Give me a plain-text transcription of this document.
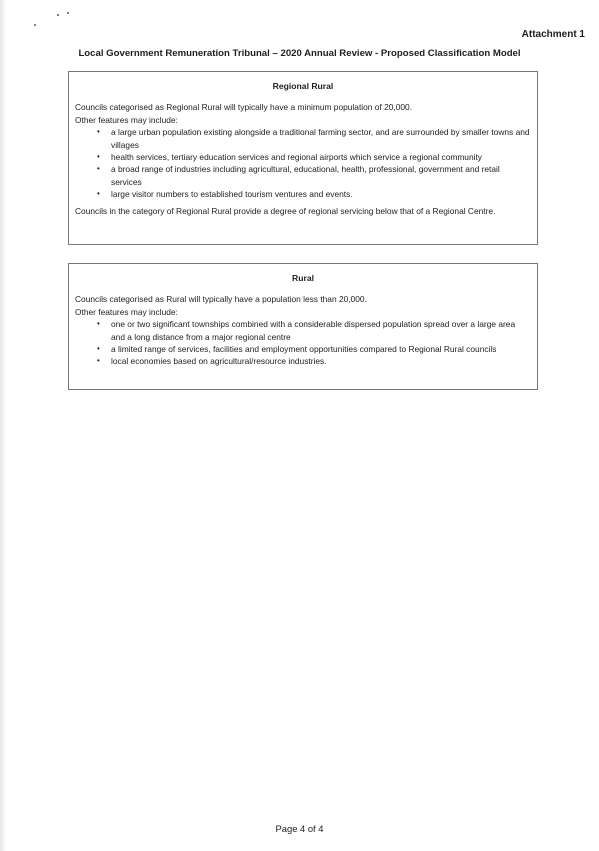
Attachment 1
Local Government Remuneration Tribunal – 2020 Annual Review - Proposed Classification Model
Regional Rural

Councils categorised as Regional Rural will typically have a minimum population of 20,000.

Other features may include:

• a large urban population existing alongside a traditional farming sector, and are surrounded by smaller towns and villages
• health services, tertiary education services and regional airports which service a regional community
• a broad range of industries including agricultural, educational, health, professional, government and retail services
• large visitor numbers to established tourism ventures and events.

Councils in the category of Regional Rural provide a degree of regional servicing below that of a Regional Centre.

Rural

Councils categorised as Rural will typically have a population less than 20,000.

Other features may include:

• one or two significant townships combined with a considerable dispersed population spread over a large area and a long distance from a major regional centre
• a limited range of services, facilities and employment opportunities compared to Regional Rural councils
• local economies based on agricultural/resource industries.
Page 4 of 4
